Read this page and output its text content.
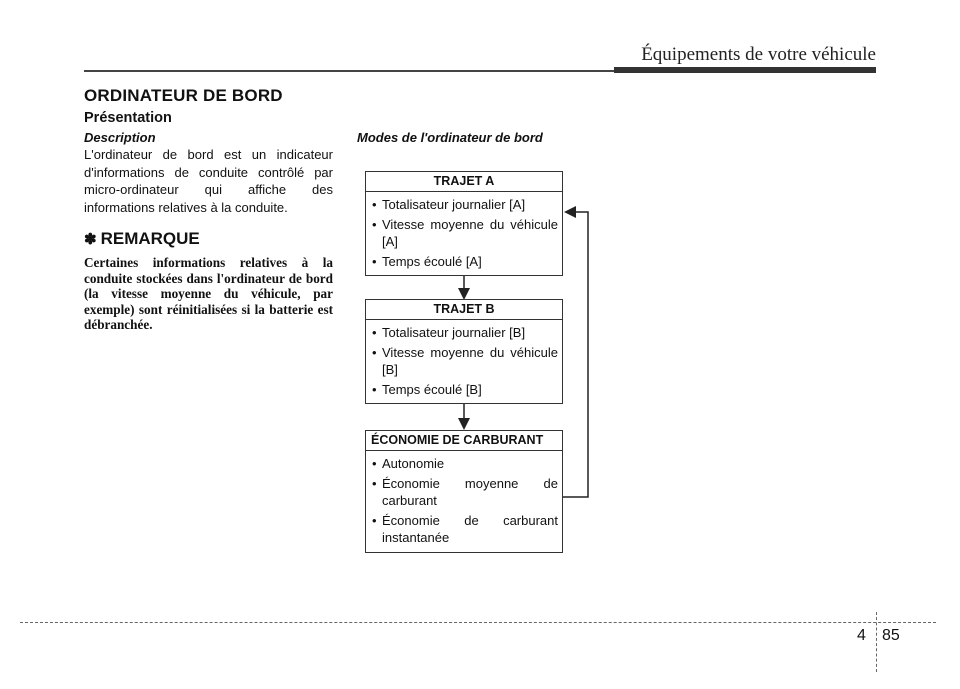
Équipements de votre véhicule
ORDINATEUR DE BORD
Présentation
Description
L'ordinateur de bord est un indicateur d'informations de conduite contrôlé par micro-ordinateur qui affiche des informations relatives à la conduite.
✽ REMARQUE
Certaines informations relatives à la conduite stockées dans l'ordinateur de bord (la vitesse moyenne du véhicule, par exemple) sont réinitialisées si la batterie est débranchée.
Modes de l'ordinateur de bord
TRAJET A
• Totalisateur journalier [A]
• Vitesse moyenne du véhicule [A]
• Temps écoulé [A]
TRAJET B
• Totalisateur journalier [B]
• Vitesse moyenne du véhicule [B]
• Temps écoulé [B]
ÉCONOMIE DE CARBURANT
• Autonomie
• Économie moyenne de carburant
• Économie de carburant instantanée
4 85
